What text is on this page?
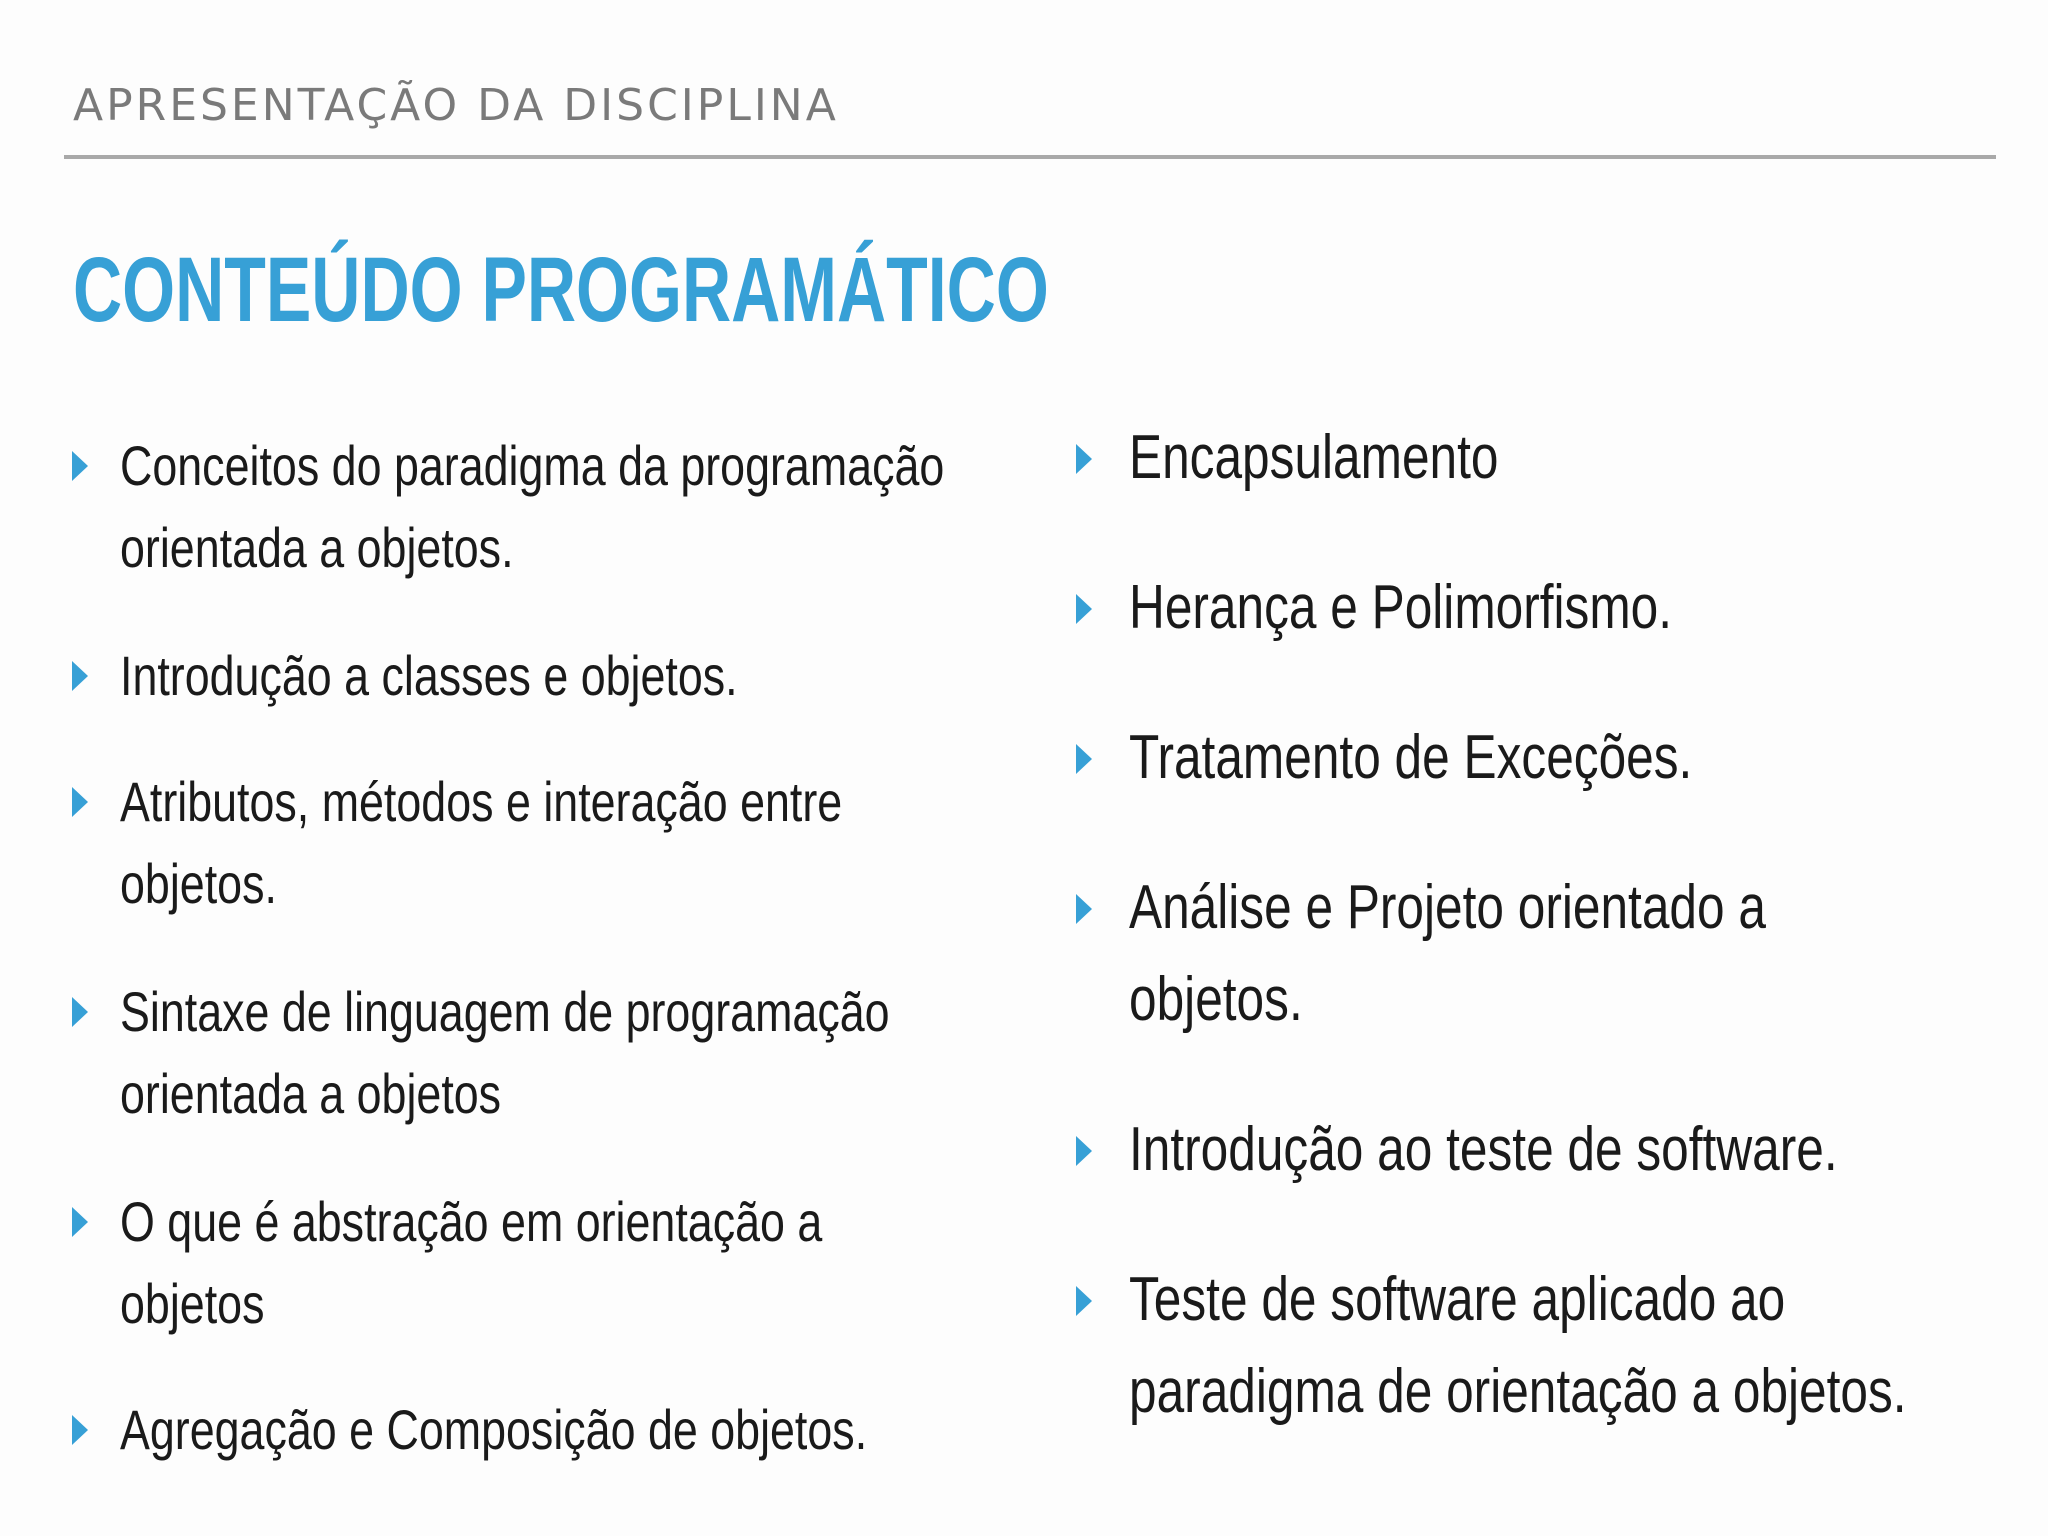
APRESENTAÇÃO DA DISCIPLINA
CONTEÚDO PROGRAMÁTICO
Conceitos do paradigma da programação
orientada a objetos.
Introdução a classes e objetos.
Atributos, métodos e interação entre
objetos.
Sintaxe de linguagem de programação
orientada a objetos
O que é abstração em orientação a objetos
Agregação e Composição de objetos.
Encapsulamento
Herança e Polimorfismo.
Tratamento de Exceções.
Análise e Projeto orientado a
objetos.
Introdução ao teste de software.
Teste de software aplicado ao
paradigma de orientação a objetos.
